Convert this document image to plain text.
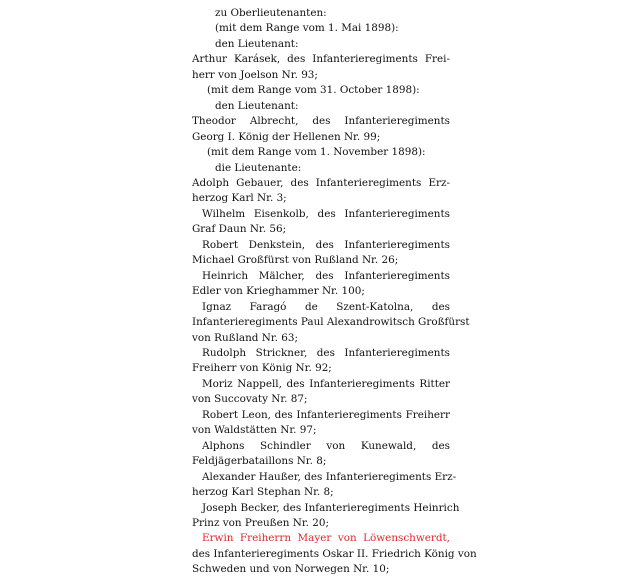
zu Oberlieutenanten:
(mit dem Range vom 1. Mai 1898):
den Lieutenant:
Arthur Karásek, des Infanterieregiments Frei-
herr von Joelson Nr. 93;
(mit dem Range vom 31. October 1898):
den Lieutenant:
Theodor Albrecht, des Infanterieregiments
Georg I. König der Hellenen Nr. 99;
(mit dem Range vom 1. November 1898):
die Lieutenante:
Adolph Gebauer, des Infanterieregiments Erz-
herzog Karl Nr. 3;
Wilhelm Eisenkolb, des Infanterieregiments
Graf Daun Nr. 56;
Robert Denkstein, des Infanterieregiments
Michael Großfürst von Rußland Nr. 26;
Heinrich Mälcher, des Infanterieregiments
Edler von Krieghammer Nr. 100;
Ignaz Faragó de Szent-Katolna, des
Infanterieregiments Paul Alexandrowitsch Großfürst
von Rußland Nr. 63;
Rudolph Strickner, des Infanterieregiments
Freiherr von König Nr. 92;
Moriz Nappell, des Infanterieregiments Ritter
von Succovaty Nr. 87;
Robert Leon, des Infanterieregiments Freiherr
von Waldstätten Nr. 97;
Alphons Schindler von Kunewald, des
Feldjägerbataillons Nr. 8;
Alexander Haußer, des Infanterieregiments Erz-
herzog Karl Stephan Nr. 8;
Joseph Becker, des Infanterieregiments Heinrich
Prinz von Preußen Nr. 20;
Erwin Freiherrn Mayer von Löwenschwerdt,
des Infanterieregiments Oskar II. Friedrich König von
Schweden und von Norwegen Nr. 10;
